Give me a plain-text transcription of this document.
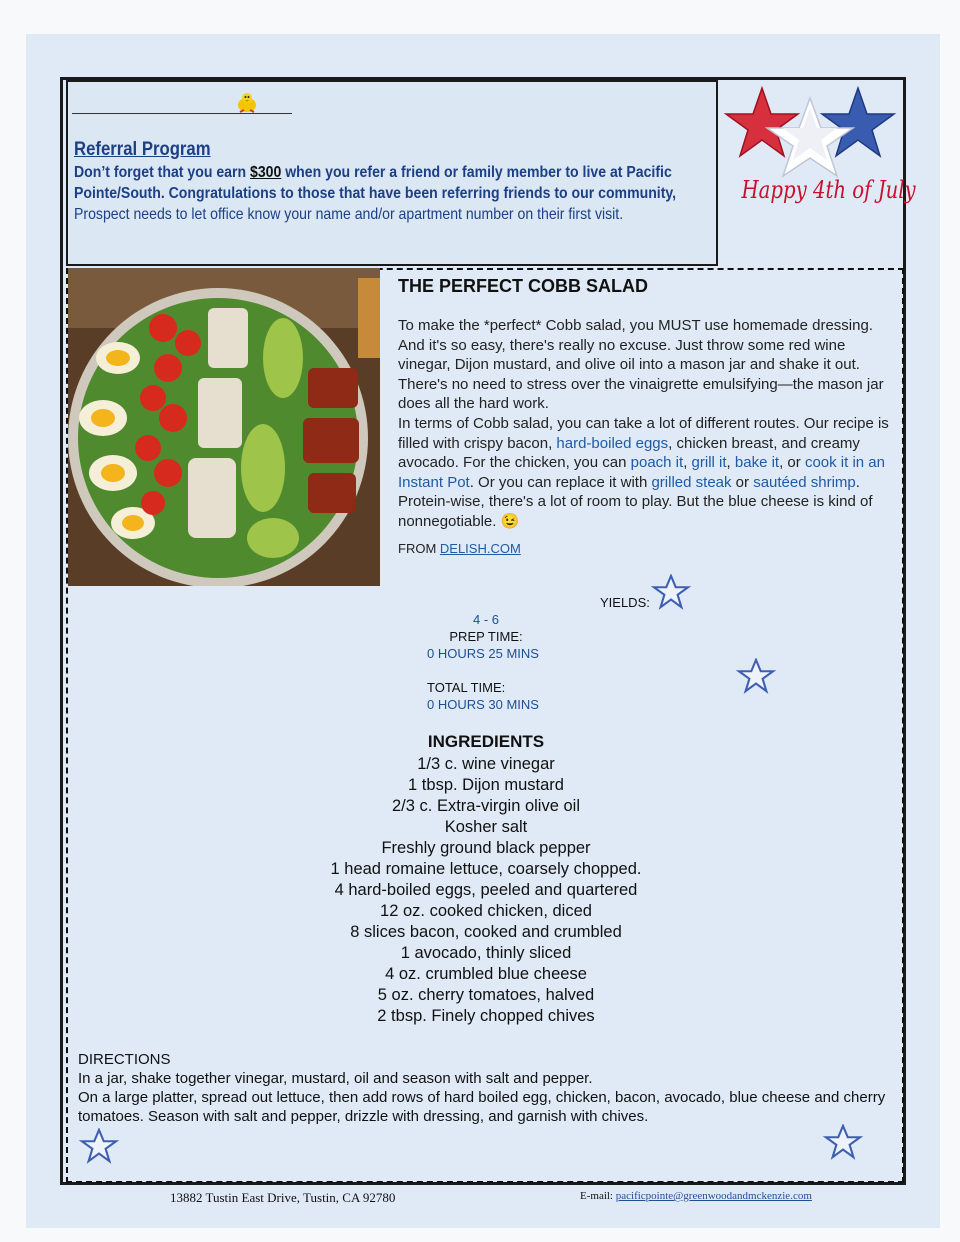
Referral Program
Don’t forget that you earn $300 when you refer a friend or family member to live at Pacific
Pointe/South. Congratulations to those that have been referring friends to our community,
Prospect needs to let office know your name and/or apartment number on their first visit.
Happy 4th of July
THE PERFECT COBB SALAD
To make the *perfect* Cobb salad, you MUST use homemade dressing. And it's so easy, there's really no excuse. Just throw some red wine vinegar, Dijon mustard, and olive oil into a mason jar and shake it out. There's no need to stress over the vinaigrette emulsifying—the mason jar does all the hard work.
In terms of Cobb salad, you can take a lot of different routes. Our recipe is filled with crispy bacon, hard-boiled eggs, chicken breast, and creamy avocado. For the chicken, you can poach it, grill it, bake it, or cook it in an Instant Pot. Or you can replace it with grilled steak or sautéed shrimp. Protein-wise, there's a lot of room to play. But the blue cheese is kind of nonnegotiable. 😉
FROM DELISH.COM
YIELDS:
4 - 6
PREP TIME:
0 HOURS 25 MINS
TOTAL TIME:
0 HOURS 30 MINS
INGREDIENTS
1/3 c. wine vinegar
1 tbsp. Dijon mustard
2/3 c. Extra-virgin olive oil
Kosher salt
Freshly ground black pepper
1 head romaine lettuce, coarsely chopped.
4 hard-boiled eggs, peeled and quartered
12 oz. cooked chicken, diced
8 slices bacon, cooked and crumbled
1 avocado, thinly sliced
4 oz. crumbled blue cheese
5 oz. cherry tomatoes, halved
2 tbsp. Finely chopped chives
DIRECTIONS
In a jar, shake together vinegar, mustard, oil and season with salt and pepper.
On a large platter, spread out lettuce, then add rows of hard boiled egg, chicken, bacon, avocado, blue cheese and cherry tomatoes. Season with salt and pepper, drizzle with dressing, and garnish with chives.
13882 Tustin East Drive, Tustin, CA 92780	E-mail: pacificpointe@greenwoodandmckenzie.com
